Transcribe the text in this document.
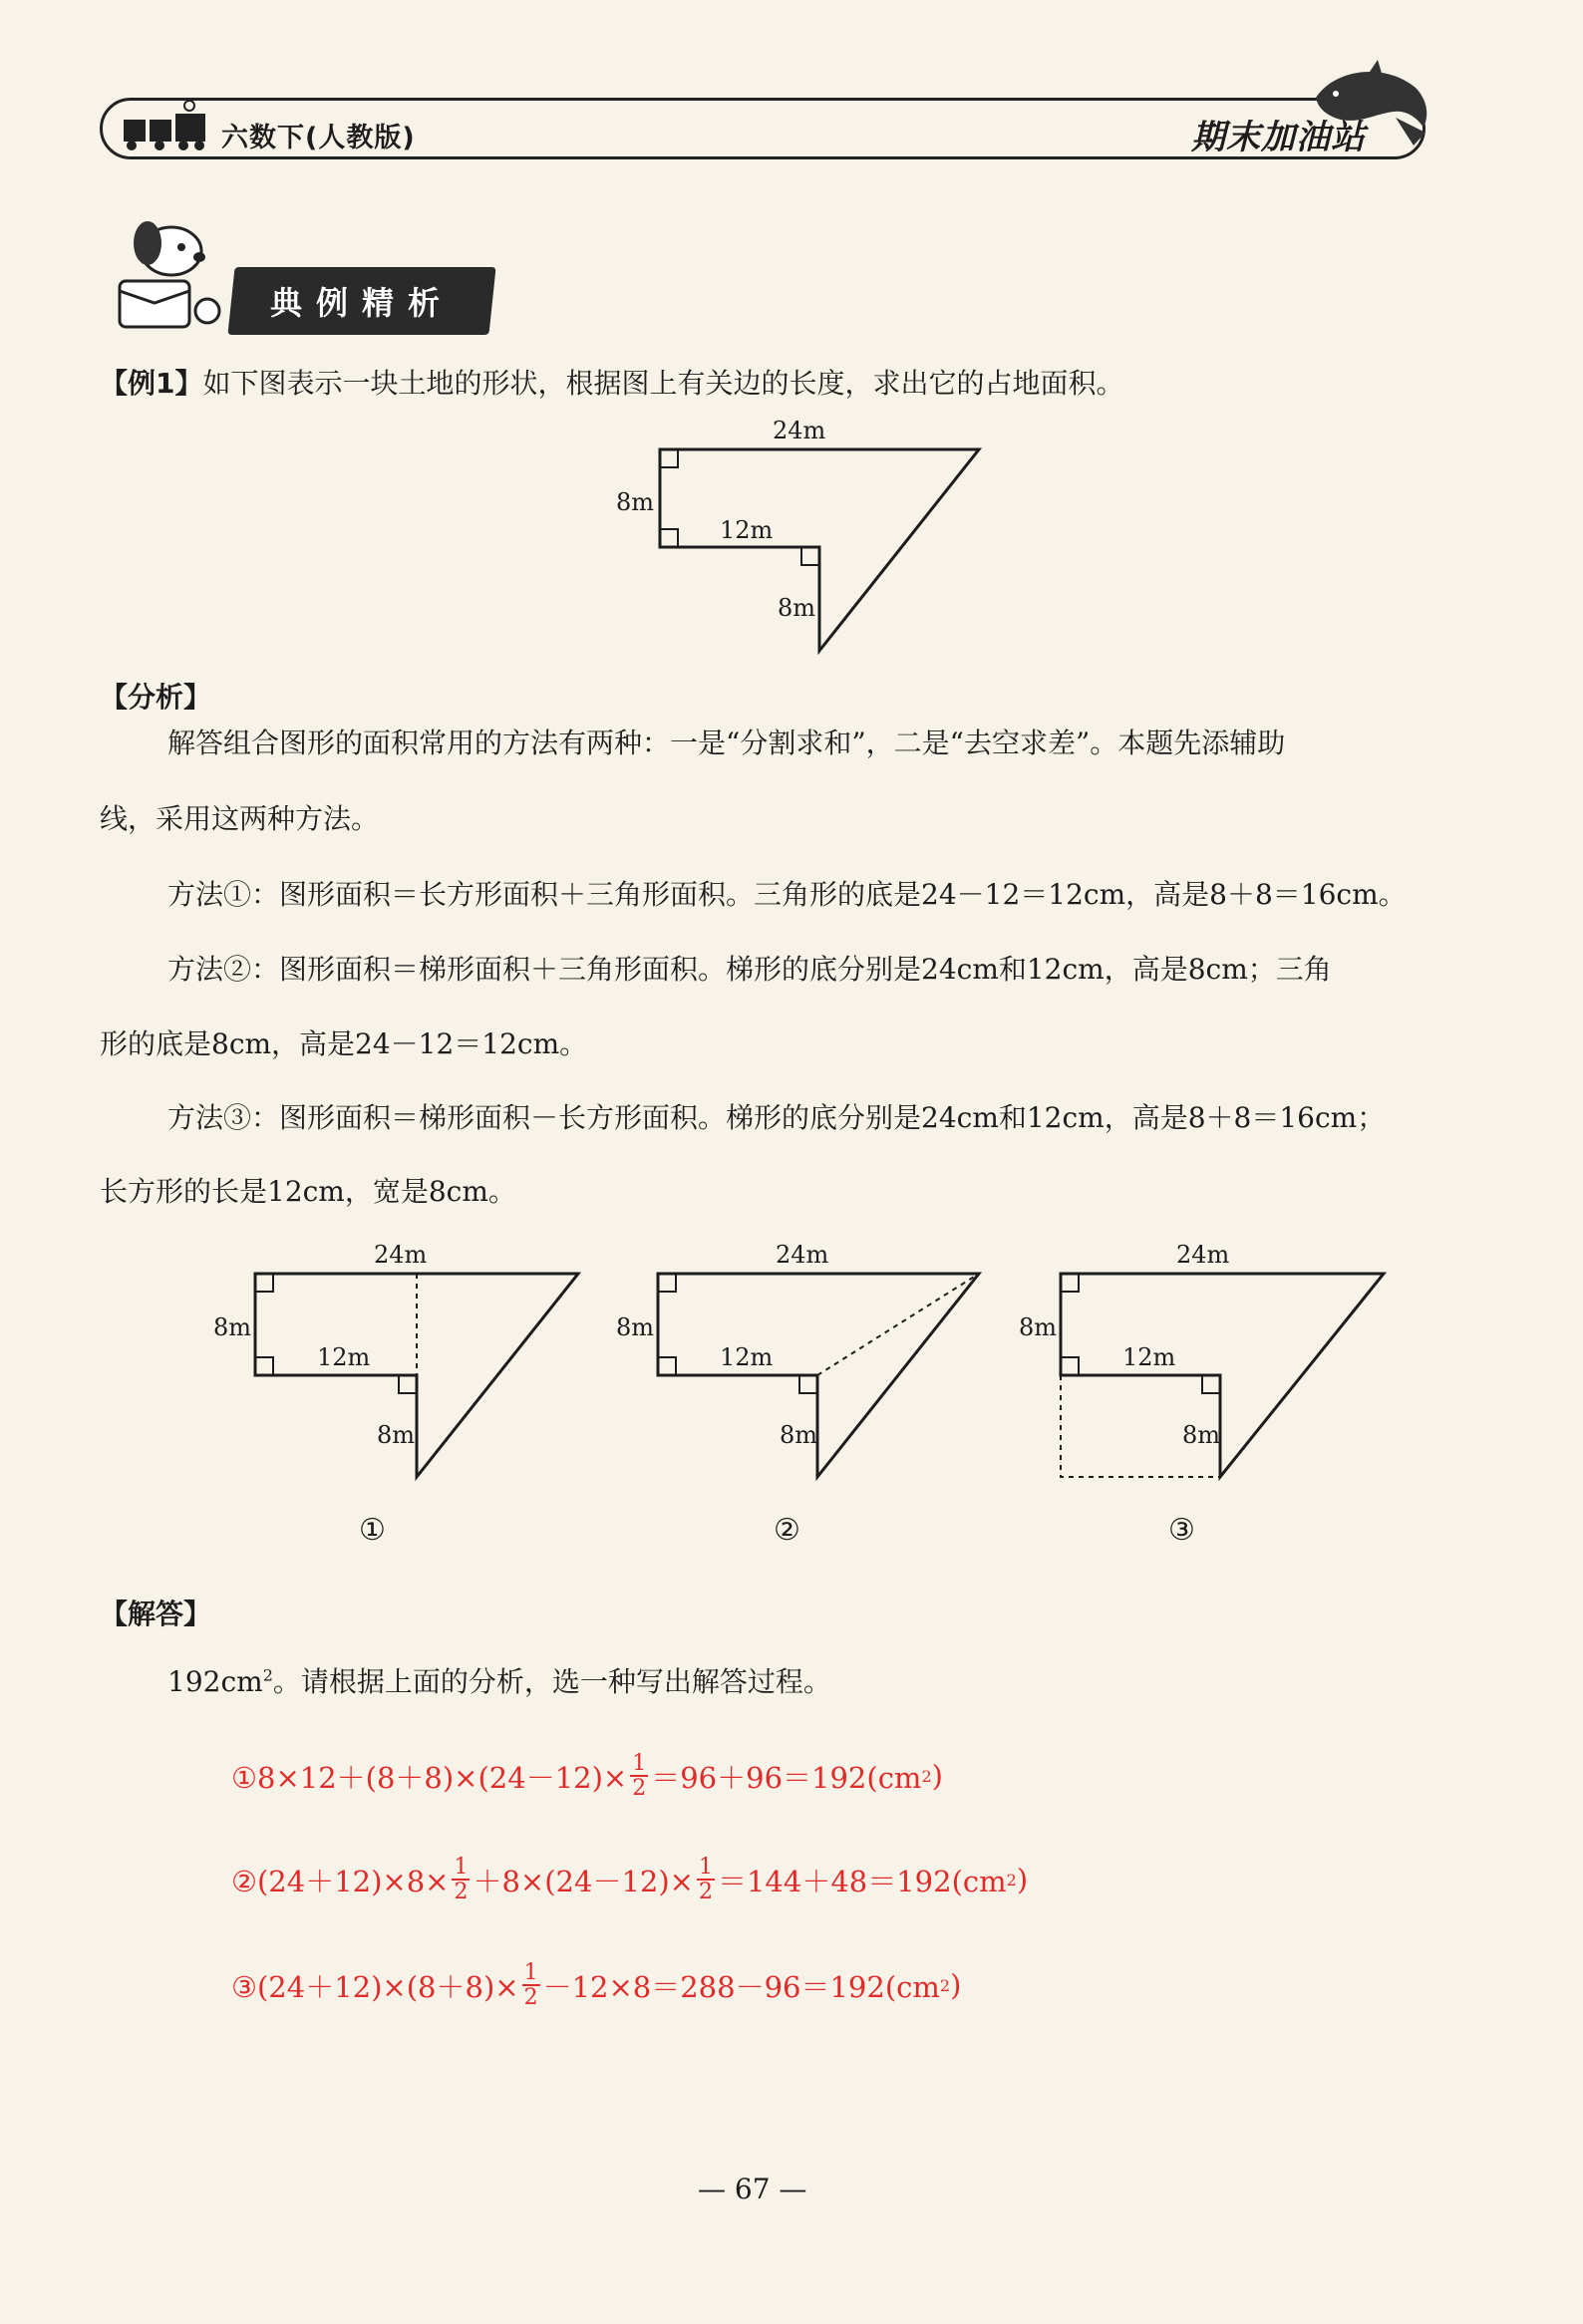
六数下(人教版)	期末加油站
典例精析
【例1】如下图表示一块土地的形状，根据图上有关边的长度，求出它的占地面积。
24m
8m
12m
8m
【分析】
解答组合图形的面积常用的方法有两种：一是“分割求和”，二是“去空求差”。本题先添辅助
线，采用这两种方法。
方法①：图形面积＝长方形面积＋三角形面积。三角形的底是24－12＝12cm，高是8＋8＝16cm。
方法②：图形面积＝梯形面积＋三角形面积。梯形的底分别是24cm和12cm，高是8cm；三角
形的底是8cm，高是24－12＝12cm。
方法③：图形面积＝梯形面积－长方形面积。梯形的底分别是24cm和12cm，高是8＋8＝16cm；
长方形的长是12cm，宽是8cm。
24m
8m
12m
8m
24m
8m
12m
8m
24m
8m
12m
8m
①	②	③
【解答】
$192cm^2$。请根据上面的分析，选一种写出解答过程。
①8×12＋(8＋8)×(24－12)× $\frac{1}{2} =96+96=192(cm$ 2 )
②(24＋12)×8× $\frac{1}{2} +8\times(24-12)\times \frac{1}{2} =144+48=192(cm$ 2 )
③(24＋12)×(8＋8)× $\frac{1}{2} -12\times 8=288-96=192(cm$ 2 )
— 67 —
